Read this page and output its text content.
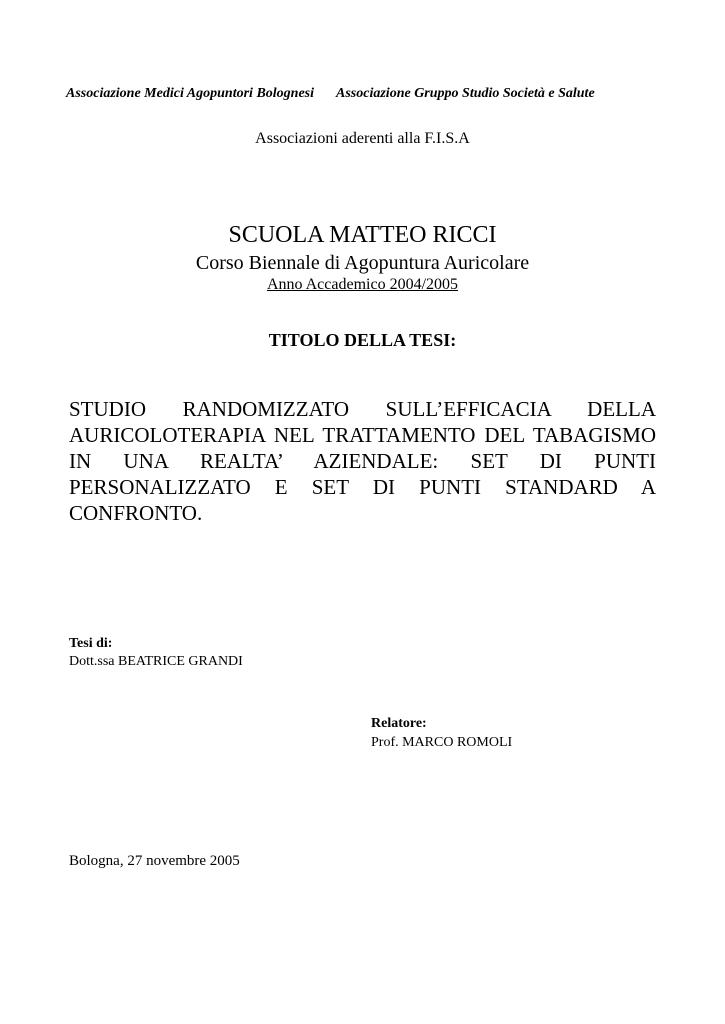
Associazione Medici Agopuntori Bolognesi Associazione Gruppo Studio Società e Salute
Associazioni aderenti alla F.I.S.A
SCUOLA MATTEO RICCI
Corso Biennale di Agopuntura Auricolare
Anno Accademico 2004/2005
TITOLO DELLA TESI:
STUDIO RANDOMIZZATO SULL’EFFICACIA DELLA AURICOLOTERAPIA NEL TRATTAMENTO DEL TABAGISMO IN UNA REALTA’ AZIENDALE: SET DI PUNTI PERSONALIZZATO E SET DI PUNTI STANDARD A CONFRONTO.
Tesi di:
Dott.ssa BEATRICE GRANDI
Relatore:
Prof. MARCO ROMOLI
Bologna, 27 novembre 2005
